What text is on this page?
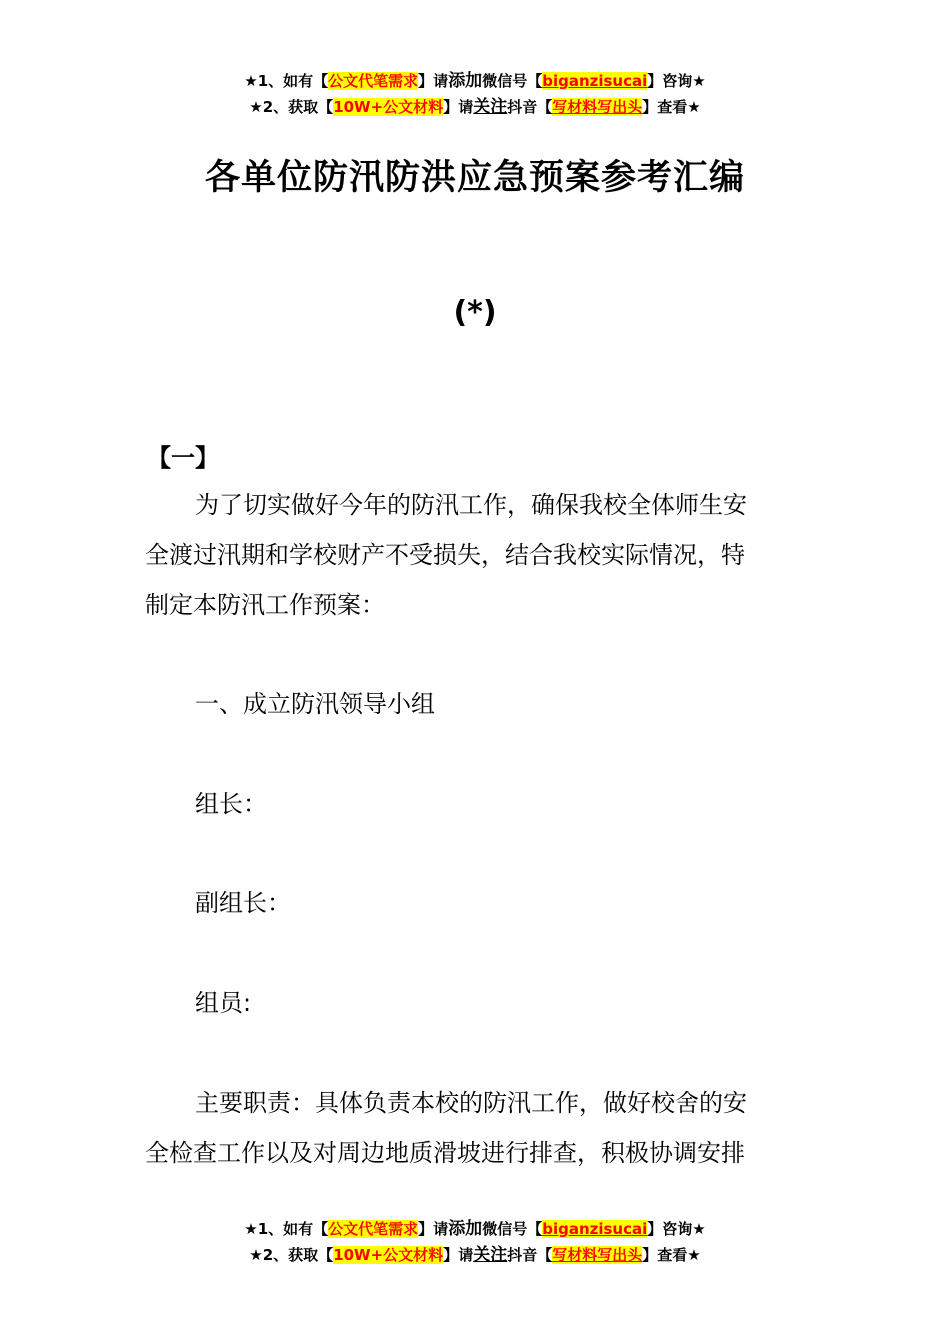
★1、如有【公文代笔需求】请添加微信号【biganzisucai】咨询★
★2、获取【10W+公文材料】请关注抖音【写材料写出头】查看★
各单位防汛防洪应急预案参考汇编
(*)
【一】
为了切实做好今年的防汛工作，确保我校全体师生安
全渡过汛期和学校财产不受损失，结合我校实际情况，特
制定本防汛工作预案：
一、成立防汛领导小组
组长：
副组长：
组员:
主要职责：具体负责本校的防汛工作，做好校舍的安
全检查工作以及对周边地质滑坡进行排查，积极协调安排
★1、如有【公文代笔需求】请添加微信号【biganzisucai】咨询★
★2、获取【10W+公文材料】请关注抖音【写材料写出头】查看★
